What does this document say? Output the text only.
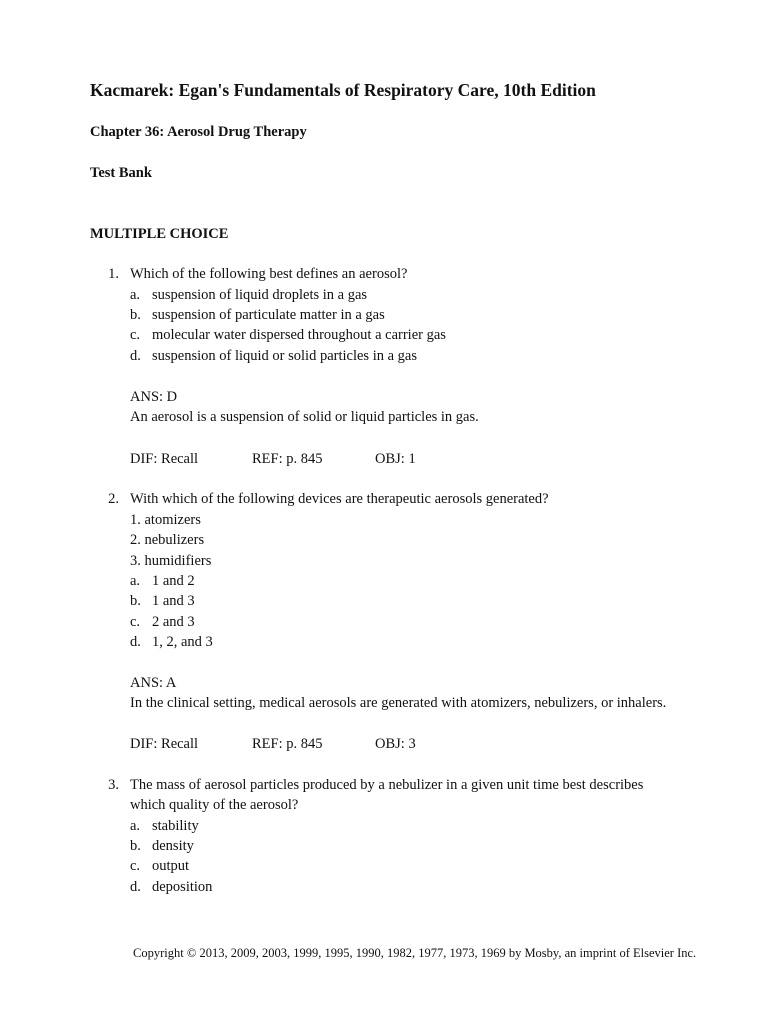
Kacmarek: Egan's Fundamentals of Respiratory Care, 10th Edition
Chapter 36: Aerosol Drug Therapy
Test Bank
MULTIPLE CHOICE
1. Which of the following best defines an aerosol?
a. suspension of liquid droplets in a gas
b. suspension of particulate matter in a gas
c. molecular water dispersed throughout a carrier gas
d. suspension of liquid or solid particles in a gas
ANS: D
An aerosol is a suspension of solid or liquid particles in gas.
DIF: Recall	REF: p. 845	OBJ: 1
2. With which of the following devices are therapeutic aerosols generated?
1. atomizers
2. nebulizers
3. humidifiers
a. 1 and 2
b. 1 and 3
c. 2 and 3
d. 1, 2, and 3
ANS: A
In the clinical setting, medical aerosols are generated with atomizers, nebulizers, or inhalers.
DIF: Recall	REF: p. 845	OBJ: 3
3. The mass of aerosol particles produced by a nebulizer in a given unit time best describes
which quality of the aerosol?
a. stability
b. density
c. output
d. deposition
Copyright © 2013, 2009, 2003, 1999, 1995, 1990, 1982, 1977, 1973, 1969 by Mosby, an imprint of Elsevier Inc.
